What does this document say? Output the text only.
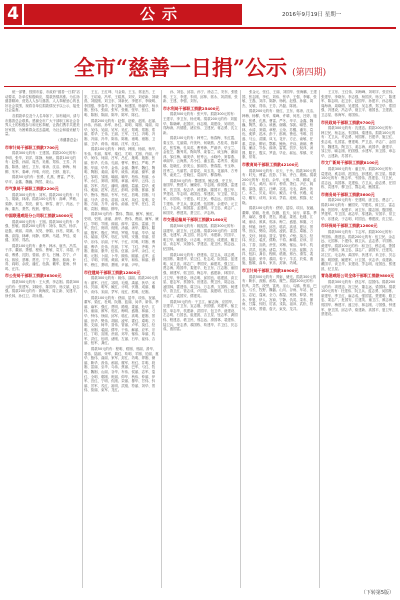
4	公示	2016年9月19日 星期一
全市“慈善一日捐”公示 (第四期)

统一部署，按照市委、市政府“慈善一日捐”活动要求，各单位积极响应，捐款热情高涨。为弘扬慈善精神，营造人人参与慈善、人人奉献爱心的良好社会氛围，现将各单位捐款情况予以公示，接受社会监督。

各捐款单位及个人名单如下，如有疑问，请与市慈善总会联系。感谢全市广大干部职工和社会各界人士的积极参与和无私奉献，让我们携手共建美好家园，为困难群众送去温暖，为社会和谐贡献力量。

（市慈善总会）

市审计局干部职工捐款7700元

捐款300元的有：王建国。捐款200元的有：李明、张华、刘洋、陈静、杨帆。捐款100元的有：赵强、孙丽、周杰、吴敏、郑伟、王芳、冯磊、陈晨、褚红、卫东、蒋涛、沈洁、韩梅、杨柳、朱军、秦峰、许晴、何亮、吕婷、施宇。

捐款50元的有：张勇、孔燕、曹雷、严冬、华平、金鑫、魏巍、陶然、姜山。

市气象局干部职工捐款2200元

捐款300元的有：刘军。捐款200元的有：马力、胡晓、林涛。捐款100元的有：高峰、罗敏、梁静、宋佳、郑亮、谢飞、韩雪、唐宁、冯远、于海、董杰、萧然、程晨、曹阳。

中国联通咸阳分公司职工捐款18000元

捐款400元的有：王刚。捐款300元的有：李强、张敏。捐款200元的有：刘伟、陈杰、杨洋、赵磊、黄丽、周涛、吴昊、徐娟、孙亮、胡斌、朱琳、高翔、林峰、何静、郭辉、马超、罗佳、梁健、宋婷、郑浩。

捐款100元的有：谢丹、韩冰、唐杰、冯雪、于洋、董丽、萧强、程伟、曹敏、袁方、邓超、许诺、傅勇、沈阳、曾丽、彭飞、吕楠、苏宁、卢伟、蒋欣、蔡琳、贾亮、丁宁、魏东、薛涛、叶青、阎明、余波、潘红、杜鹃、戴军、夏雨、钟鸣、汪洋。

市公安局干部职工捐款56300元

捐款500元的有：王大勇、李志刚。捐款300元的有：张建军、刘晓东、陈国华、杨文斌、赵志强。捐款200元的有：黄海波、周立新、吴建平、徐长林、孙红卫、胡永刚。

王五、王红坤、马金菊、王玉、郭亚杰、王宏、王绍南、冯军、王昭燕、刘安、刘爱新、刘晓燕、刘振刚、刘卫东、刘新民、李建平、李晓明、李国强、李春华、李文静、杨建国、杨丽华、杨永刚、张伟、张丽、张军、张敏、张华、张红、陈明、陈刚、陈丽、陈华、陈军、陈红。

捐款200元的有：赵强、赵敏、赵刚、赵丽、孙伟、孙丽、孙军、孙红、周明、周刚、周丽、周华、吴伟、吴丽、吴军、吴红、郑明、郑刚、郑丽、郑华、王伟、王丽、王军、王红、冯明、冯刚、冯丽、冯华、陈伟、陈敏、褚明、褚刚、卫丽、卫华、蒋伟、蒋丽、沈军、沈红。

捐款100元的有：韩明、韩刚、杨丽、杨华、朱伟、朱丽、秦军、秦红、尤明、尤刚、许丽、许华、何伟、何丽、吕军、吕红、施明、施刚、张丽、张华、孔伟、孔丽、曹军、曹红、严明、严刚、华丽、华华、金伟、金丽、魏军、魏红、陶明、陶刚、姜丽、姜华、戚伟、戚丽、谢军、谢红、邹明、邹刚、喻丽、喻华、柏伟、柏丽、水军、水红、窦明、窦刚、章丽、章华、云伟、云丽、苏军、苏红、潘明、潘刚、葛丽、葛华、奚伟、奚丽、范军、范红、彭明、彭刚、郎丽、郎华、鲁伟、鲁丽、韦军、韦红、昌明、昌刚、马丽、马华、苗伟、苗丽、凤军、凤红、花明、花刚、方丽、方华、俞伟、俞丽、任军、任红、袁明、袁刚、柳丽、柳华。

捐款50元的有：酆伟、酆丽、鲍军、鲍红、史明、史刚、唐丽、唐华、费伟、费丽、廉军、廉红、岑明、岑刚、薛丽、薛华、雷伟、雷丽、贺军、贺红、倪明、倪刚、汤丽、汤华、滕伟、滕丽、殷军、殷红、罗明、罗刚、毕丽、毕华、郝伟、郝丽、邬军、邬红、安明、安刚、常丽、常华、乐伟、乐丽、于军、于红、时明、时刚、傅丽、傅华、皮伟、皮丽、卞军、卞红、齐明、齐刚、康丽、康华、伍伟、伍丽、余军、余红、元明、元刚、卜丽、卜华、顾伟、顾丽、孟军、孟红、平明、平刚、黄丽、黄华、和伟、和丽、穆军、穆红、萧明、萧刚、尹丽、尹华。

市住建局干部职工捐款12800元

捐款300元的有：姚伟、邵丽。捐款200元的有：湛军、汪红、祁明、毛刚、禹丽、狄华、米伟、贝丽、明军、臧红、计明、伏刚、成丽、戴华、谈伟、宋丽、茅军、庞红、熊明、纪刚。

捐款100元的有：舒丽、屈华、项伟、祝丽、董军、梁红、杜明、阮刚、蓝丽、闵华、席伟、季丽、麻军、强红、贾明、路刚、娄丽、危华、江伟、童丽、颜军、郭红、梅明、盛刚、林丽、刁华、钟伟、徐丽、邱军、骆红、高明、夏刚、蔡丽、田华、樊伟、胡丽、凌军、霍红、虞明、万刚、支丽、柯华、昝伟、管丽、卢军、莫红、经明、房刚、裘丽、缪华、干伟、解丽、应军、宗红、丁明、宣刚、贲丽、邓华、郁伟、单丽、杭军、洪红、包明、诸刚、左丽、石华、崔伟、吉丽、钮军、龚红。

捐款50元的有：程明、嵇刚、邢丽、滑华、裴伟、陆丽、荣军、翁红、荀明、羊刚、於丽、惠华、甄伟、曲丽、家军、封红、芮明、羿刚、储丽、靳华、汲伟、邴丽、糜军、松红、井明、段刚、富丽、巫华、乌伟、焦丽、巴军、弓红、牧明、隗刚、山丽、谷华、车伟、侯丽、宓军、蓬红、全明、郗刚、班丽、仰华、秋伟、仲丽、伊军、宫红、宁明、仇刚、栾丽、暴华、甘伟、钭丽、厉军、戎红、祖明、武刚、符丽、刘华、景伟、詹丽、束军、龙红。

孙、刘忠、邱苗、孙宁、徐志兰、安东、张胜利、王文、李建、朱明、邱帅、郭永、刘洪刚、张新、王建、李强、刘东。

市水利局干部职工捐款25400元

捐款500元的有：张兴华。捐款300元的有：王建平、李卫东、杨光明。捐款200元的有：刘振华、陈晓峰、赵国庆、孙志刚、周建设、吴明亮、郑海涛、冯德胜、褚宏伟、卫建民、蒋志勇、沈立新。

捐款100元的有：韩秀兰、杨春梅、朱红霞、秦玉芳、尤丽娟、许美玲、何晓燕、吕桂英、施翠花、张雪梅、孔凤英、曹秀珍、严淑华、华玉兰、金桂芝、魏秀英、陶凤琴、姜春兰、戚玉梅、谢丽萍、邹红梅、喻美华、柏秀云、水晓玲、窦春燕、章丽华、云海燕、苏小红、潘玉霞、葛秀芳、奚丽娜、范晓红、彭美云、郎丽芳、鲁春霞、韦玉珍、昌秀兰、马丽君、苗春花、凤玉英、花丽萍、方秀琴、俞美兰、任晓红、袁丽华、柳春梅。

捐款50元的有：酆建国、鲍志强、史卫东、唐国华、费建平、廉晓东、岑志刚、薛国强、雷建军、贺卫国、倪志华、汤建新、滕国平、殷卫华、罗建设、毕志明、郝国良、邬建波、安卫星、常志军、乐国伟、于建忠、时卫民、傅志远、皮国林、卞建伟、齐卫兵、康志勇、伍国栋、余建华、元卫红、卜志成、顾国富、孟建明、平卫忠、黄志广、和国安、穆建英、萧卫江、尹志海。

市交通运输局干部职工捐款31600元

捐款500元的有：姚振国。捐款300元的有：邵建华、湛卫东、汪志刚。捐款200元的有：祁国强、毛建军、禹卫国、狄志华、米建新、贝国平、明卫华、臧建设、计志明、伏国良、成建波、戴卫星、谈志军、宋国伟、茅建忠、庞卫民、熊志远、纪国林。

捐款100元的有：舒建伟、屈卫兵、项志勇、祝国栋、董建华、梁卫红、杜志成、阮国富、蓝建明、闵卫忠、席志广、季国安、麻建英、强卫江、贾志海、路国华、娄建平、危卫东、江志刚、童国强、颜建军、郭卫国、梅志华、盛建新、林国平、刁卫华、钟建设、徐志明、邱国良、骆建波、高卫星、夏志军、蔡国伟、田建忠、樊卫民、胡志远、凌国林、霍建伟、虞卫兵、万志勇、支国栋、柯建华、昝卫红、管志成、卢国富、莫建明、经卫忠、房志广、裘国安、缪建英。

捐款50元的有：干卫江、解志海、应国华、宗建平、丁卫东、宣志刚、贲国强、邓建军、郁卫国、单志华、杭建新、洪国平、包卫华、诸建设、左志明、石国良、崔建波、吉卫星、钮志军、龚国伟、程建忠、嵇卫民、邢志远、滑国林、裴建伟、陆卫兵、荣志勇、翁国栋、荀建华、羊卫红、於志成、惠国富。

张金元、张红、王丽、刘国华、张海鹏、王建国、张志刚、李红、刘伟、张华、王强、李娜、张敏、王磊、刘洋、陈静、杨帆、赵强、孙丽、周杰、吴敏、郑伟、王芳、冯磊、陈晨。

捐款200元的有：褚红、卫东、蒋涛、沈洁、韩梅、杨柳、朱军、秦峰、许晴、何亮、吕婷、施宇、张勇、孔燕、曹雷、严冬、华平、金鑫、魏巍、陶然、姜山、戚薇、谢娜、邹凯、喻恩、柏林、水清、窦娟、章程、云朵、苏醒、潘安、葛优、奚梦、范冰、彭于、郎朗、鲁迅、韦唯、昌盛、马云、苗圃、凤飞、花开、方正、俞敏、任重、袁泉、柳岩、酆都、鲍鱼、史诗、唐朝、费翔、廉洁、岑参、薛涛、雷霆、贺岁、倪萍、汤圆、滕王、殷实、罗盘、毕业、郝运、邬镇、安康、常青。

市教育局干部职工捐款42100元

捐款500元的有：乐天、于丹。捐款300元的有：时光、傅雷、皮影、卞和、齐白、康熙。捐款200元的有：伍佰、余华、元朗、卜算、顾城、孟浩、平凡、黄河、和平、穆青、萧红、尹正、姚明、邵逸、湛江、汪峰、祁连、毛毛、禹州、狄仁、米兰、贝克、明月、臧否、计划、伏羲、成功、戴安、谈判、宋词、茅盾、庞统、熊猫、纪晓。

捐款100元的有：舒婷、屈原、项羽、祝融、董卿、梁朝、杜甫、阮籍、蓝天、闵行、席慕、季羡、麻姑、强哥、贾岛、路遥、娄底、危楼、江城、童话、颜真、郭沫、梅兰、盛夏、林徽、刁蛮、钟馗、徐悲、邱岳、骆宾、高适、夏衍、蔡琴、田汉、樊哙、胡适、凌波、霍去、虞姬、万里、支付、柯南、昝宝、管仲、卢纶、莫言、经纬、房玄、裘皮、缪斯、干将、解缙、应该、宗泽、丁香、宣纸、贲张、邓稼、郁达、单车、杭州、洪武、包拯、诸葛、左传、石崇、崔颢、吉祥、钮扣、龚自、程颐、嵇康、邢台、滑雪、裴度、陆游、荣华、翁同、荀子、羊羔、於菟、惠施、甄嬛、曲阜、家乐、封神、芮城。

市卫计局干部职工捐款38900元

捐款500元的有：羿射、储光。捐款300元的有：靳东、汲黯、邴原、糜竺。捐款200元的有：松风、井然、段誉、富贵、巫山、乌镇、焦裕、巴金、弓长、牧野、隗嚣、山川、谷雨、车站、侯宝、宓妃、蓬莱、全力、郗鉴、班固、仰望、秋水、仲夏、伊人、宫商、宁静、仇英、栾布、暴雨、甘露、钭阳、厉害、戎装、祖冲、武松、符号、刘邦、景德、詹天、束发、龙井。

王文东、王红伟、刘海峰、刘明宇、张宏伟、张建华、李晓东、李志强、杨国庆、杨文广、陈建军、陈志明、赵卫东、赵国华、孙建平、孙志刚、周海涛、周晓明、吴建国、吴志勇、郑卫华、郑国强、冯建设、冯志华、褚卫平、褚国良、卫建波、卫志星、蒋海军、蒋国伟。

市民政局干部职工捐款9700元

捐款300元的有：沈建忠。捐款200元的有：韩卫民、杨志远、朱国林、秦建伟。捐款100元的有：尤卫兵、许志勇、何国栋、吕建华、施卫红、张志成、孔国富、曹建明、严卫忠、华志广、金国安、魏建英、陶卫江、姜志海、戚国华、谢建平、邹卫东、喻志刚、柏国强、水建军、窦卫国、章志华、云建新、苏国平。

市文广新局干部职工捐款8100元

捐款300元的有：潘卫华。捐款200元的有：葛建设、奚志明、范国良、彭建波、郎卫星。捐款100元的有：鲁志军、韦国伟、昌建忠、马卫民、苗志远、凤国林、花建伟、方卫兵、俞志勇、任国栋、袁建华、柳卫红、酆志成、鲍国富。

市商务局干部职工捐款5600元

捐款200元的有：史建明、唐卫忠、费志广。捐款100元的有：廉国安、岑建英、薛卫江、雷志海、贺国华、倪建平、汤卫东、滕志刚、殷国强、罗建军、毕卫国、郝志华、邬建新、安国平、常卫华、乐建设、于志明、时国良、傅建波、皮卫星。

市环保局干部职工捐款12600元

捐款500元的有：卞志军。捐款300元的有：齐国伟、康建忠。捐款200元的有：伍卫民、余志远、元国林、卜建伟、顾卫兵、孟志勇、平国栋、黄建华。捐款100元的有：和卫红、穆志成、萧国富、尹建明、姚卫忠、邵志广、湛国安、汪建英、祁卫江、毛志海、禹国华、狄建平、米卫东、贝志刚、明国强、臧建军、计卫国、伏志华、成建新、戴国平、谈卫华、宋建设、茅志明、庞国良、熊建波、纪卫星。

青岛港咸阳公司全体干部职工捐款9800元

捐款300元的有：舒志军、屈国伟。捐款200元的有：项建忠、祝卫民、董志远、梁国林。捐款100元的有：杜建伟、阮卫兵、蓝志勇、闵国栋、席建华、季卫红、麻志成、强国富、贾建明、路卫忠、娄志广、危国安、江建英、童卫江、颜志海、郭国华、梅建平、盛卫东、林志刚、刁国强、钟建军、徐卫国、邱志华、骆建新、高国平、夏卫华、蔡建设。

（下转第5版）
